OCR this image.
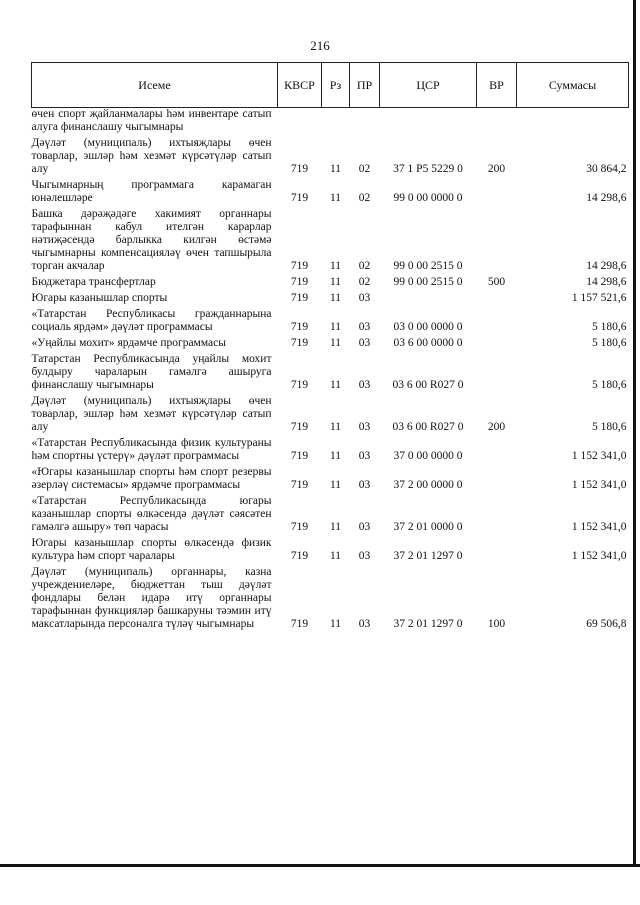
216
Исеме	КВСР	Рз	ПР	ЦСР	ВР	Суммасы
өчен спорт җайланмалары һәм инвентаре сатып алуга финанслашу чыгымнары						
Дәүләт (муниципаль) ихтыяҗлары өчен товарлар, эшләр һәм хезмәт күрсәтүләр сатып алу	719	11	02	37 1 P5 5229 0	200	30 864,2
Чыгымнарның программага карамаган юнәлешләре	719	11	02	99 0 00 0000 0		14 298,6
Башка дәрәҗәдәге хакимият органнары тарафыннан кабул ителгән карарлар нәтиҗәсендә барлыкка килгән өстәмә чыгымнарны компенсацияләү өчен тапшырыла торган акчалар	719	11	02	99 0 00 2515 0		14 298,6
Бюджетара трансфертлар	719	11	02	99 0 00 2515 0	500	14 298,6
Югары казанышлар спорты	719	11	03			1 157 521,6
«Татарстан Республикасы гражданнарына социаль ярдәм» дәүләт программасы	719	11	03	03 0 00 0000 0		5 180,6
«Уңайлы мохит» ярдәмче программасы	719	11	03	03 6 00 0000 0		5 180,6
Татарстан Республикасында уңайлы мохит булдыру чараларын гамәлгә ашыруга финанслашу чыгымнары	719	11	03	03 6 00 R027 0		5 180,6
Дәүләт (муниципаль) ихтыяҗлары өчен товарлар, эшләр һәм хезмәт күрсәтүләр сатып алу	719	11	03	03 6 00 R027 0	200	5 180,6
«Татарстан Республикасында физик культураны һәм спортны үстерү» дәүләт программасы	719	11	03	37 0 00 0000 0		1 152 341,0
«Югары казанышлар спорты һәм спорт резервы әзерләү системасы» ярдәмче программасы	719	11	03	37 2 00 0000 0		1 152 341,0
«Татарстан Республикасында югары казанышлар спорты өлкәсендә дәүләт сәясәтен гамәлгә ашыру» төп чарасы	719	11	03	37 2 01 0000 0		1 152 341,0
Югары казанышлар спорты өлкәсендә физик культура һәм спорт чаралары	719	11	03	37 2 01 1297 0		1 152 341,0
Дәүләт (муниципаль) органнары, казна учреждениеләре, бюджеттан тыш дәүләт фондлары белән идарә итү органнары тарафыннан функцияләр башкаруны тәэмин итү максатларында персоналга түләү чыгымнары	719	11	03	37 2 01 1297 0	100	69 506,8
